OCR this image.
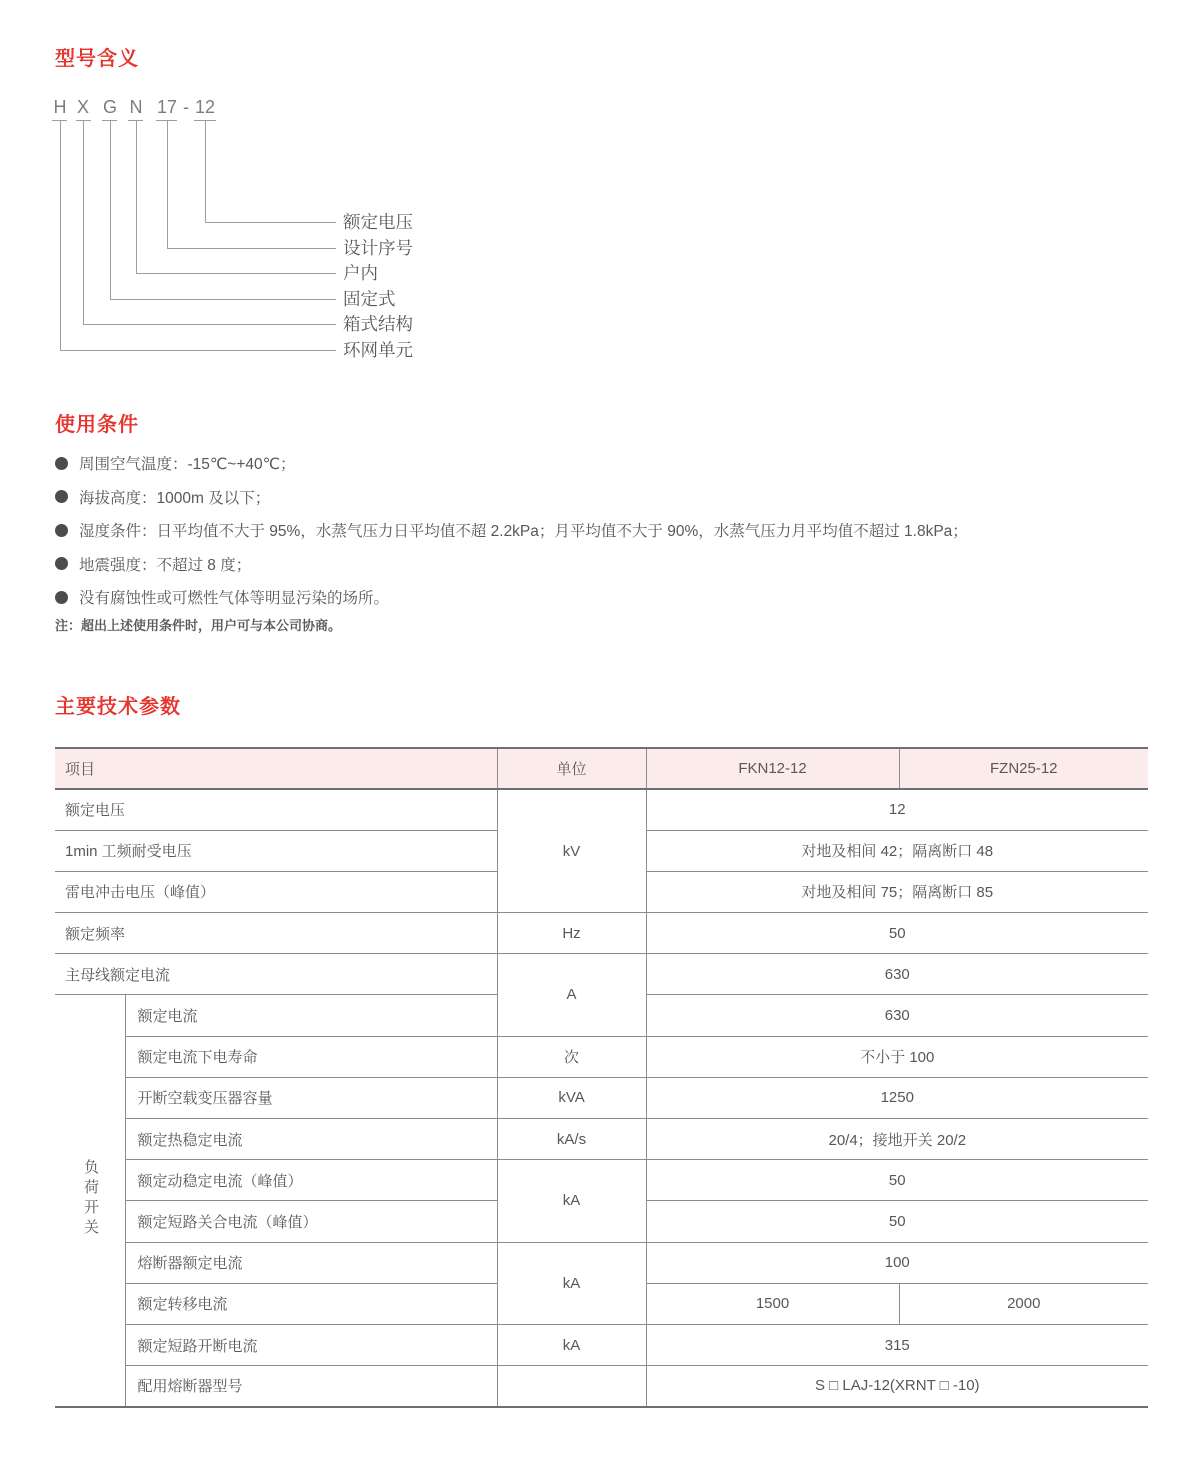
型号含义
H X G N 17 - 12
额定电压
设计序号
户内
固定式
箱式结构
环网单元
使用条件
周围空气温度：-15℃~+40℃；
海拔高度：1000m 及以下；
湿度条件：日平均值不大于 95%，水蒸气压力日平均值不超 2.2kPa；月平均值不大于 90%，水蒸气压力月平均值不超过 1.8kPa；
地震强度：不超过 8 度；
没有腐蚀性或可燃性气体等明显污染的场所。

注：超出上述使用条件时，用户可与本公司协商。

主要技术参数
项目		单位	FKN12-12	FZN25-12
额定电压		kV	12	
1min 工频耐受电压			对地及相间 42；隔离断口 48	
雷电冲击电压（峰值）			对地及相间 75；隔离断口 85	
额定频率		Hz	50	
主母线额定电流		A	630	
负荷开关	额定电流		630	
	额定电流下电寿命	次	不小于 100	
	开断空载变压器容量	kVA	1250	
	额定热稳定电流	kA/s	20/4；接地开关 20/2	
	额定动稳定电流（峰值）	kA	50	
	额定短路关合电流（峰值）		50	
	熔断器额定电流	kA	100	
	额定转移电流		1500	2000
	额定短路开断电流	kA	315	
	配用熔断器型号		S □ LAJ-12(XRNT □ -10)	
